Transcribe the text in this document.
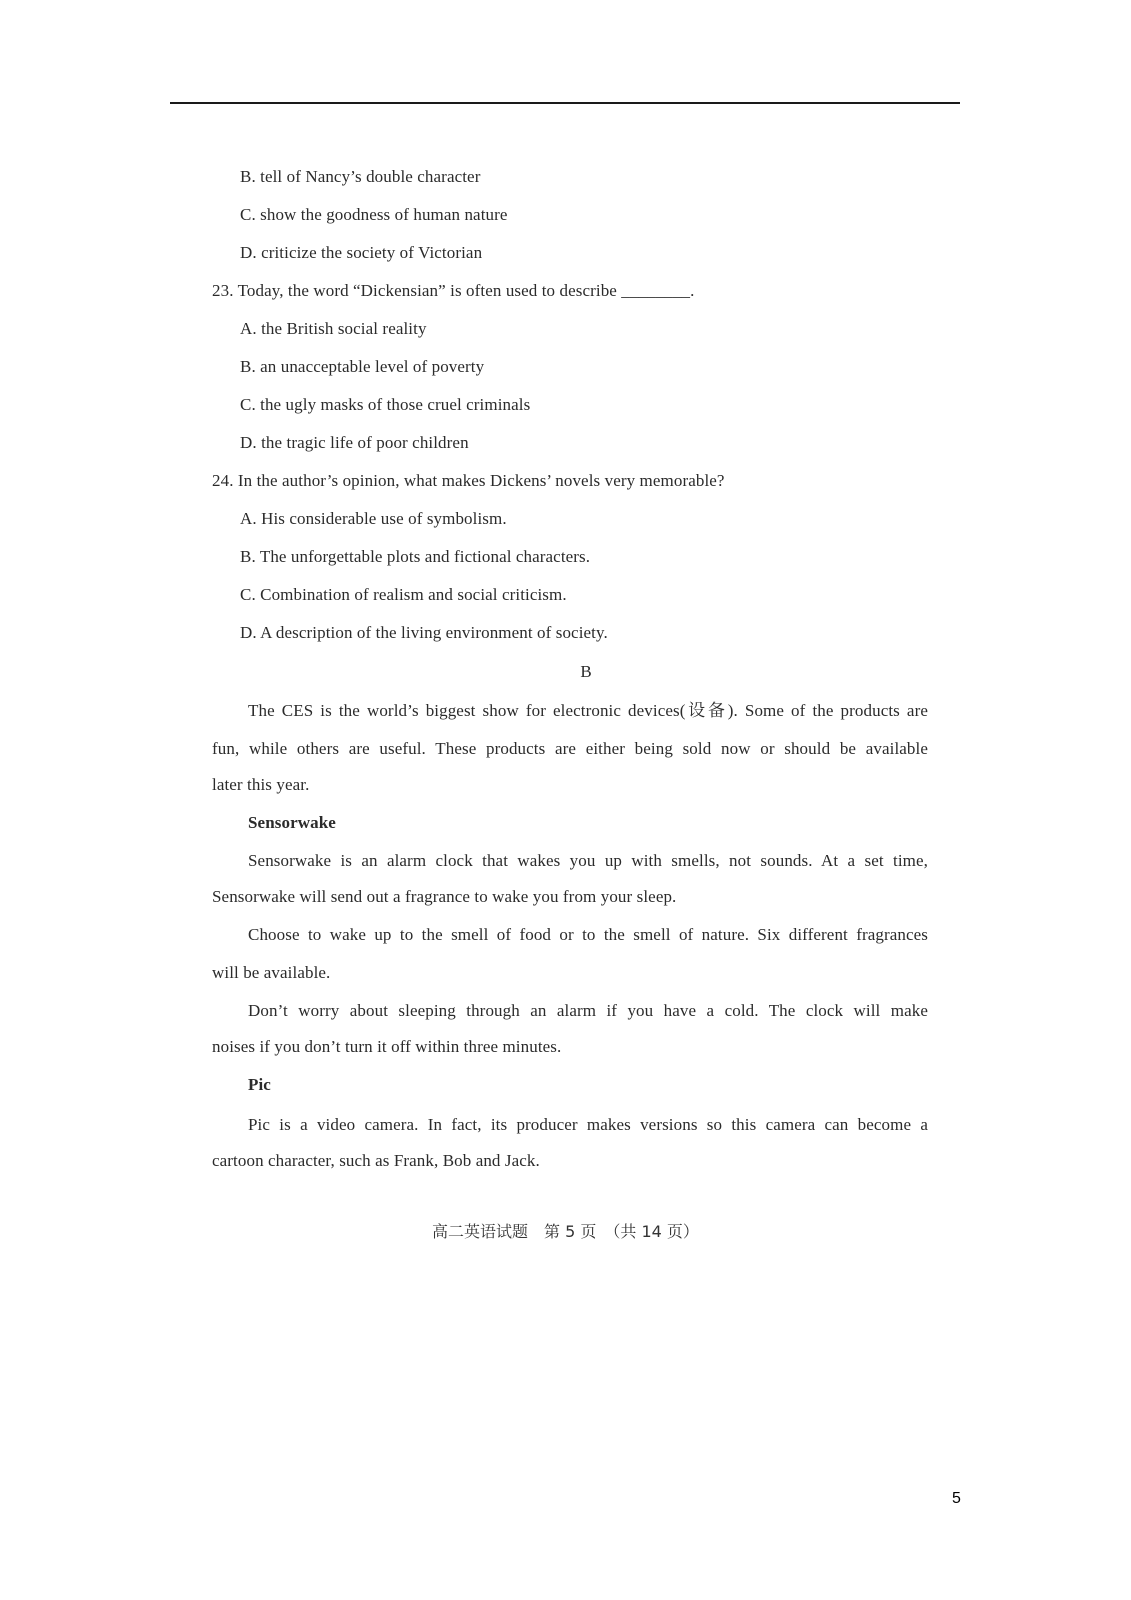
B. tell of Nancy’s double character
C. show the goodness of human nature
D. criticize the society of Victorian
23. Today, the word “Dickensian” is often used to describe ________.
A. the British social reality
B. an unacceptable level of poverty
C. the ugly masks of those cruel criminals
D. the tragic life of poor children
24. In the author’s opinion, what makes Dickens’ novels very memorable?
A. His considerable use of symbolism.
B. The unforgettable plots and fictional characters.
C. Combination of realism and social criticism.
D. A description of the living environment of society.
B
The CES is the world’s biggest show for electronic devices(设备). Some of the products are
fun, while others are useful. These products are either being sold now or should be available
later this year.
Sensorwake
Sensorwake is an alarm clock that wakes you up with smells, not sounds. At a set time,
Sensorwake will send out a fragrance to wake you from your sleep.
Choose to wake up to the smell of food or to the smell of nature. Six different fragrances
will be available.
Don’t worry about sleeping through an alarm if you have a cold. The clock will make
noises if you don’t turn it off within three minutes.
Pic
Pic is a video camera. In fact, its producer makes versions so this camera can become a
cartoon character, such as Frank, Bob and Jack.
高二英语试题　第 5 页　（共 14 页）
5
